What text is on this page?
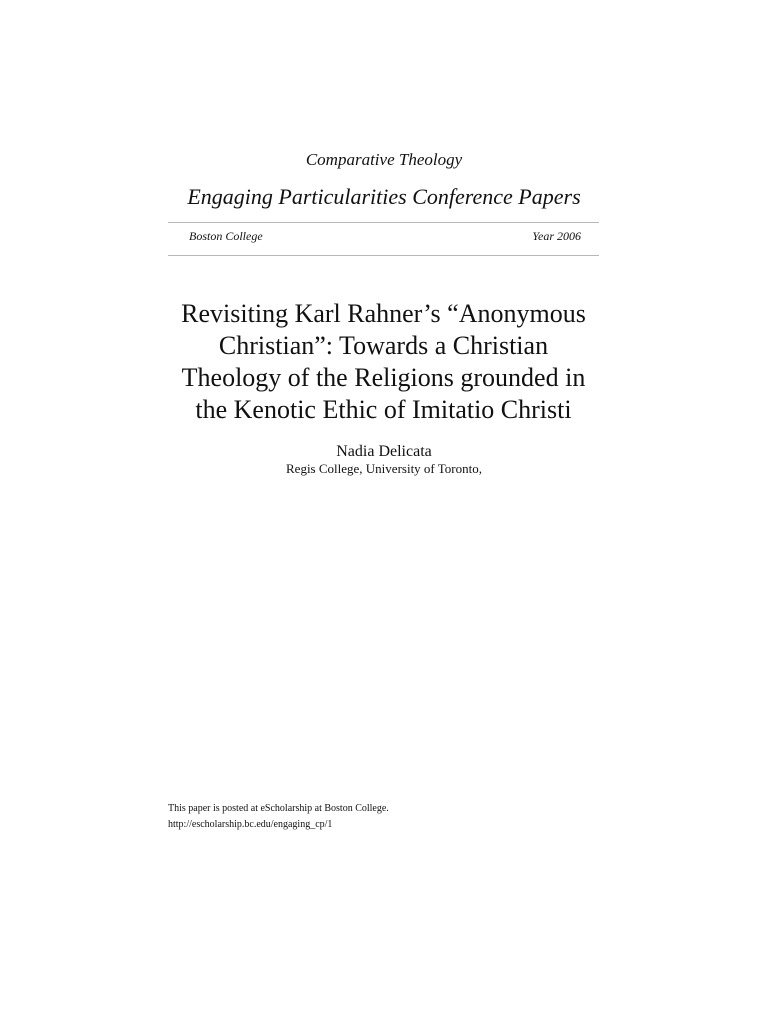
Comparative Theology
Engaging Particularities Conference Papers
Boston College	Year 2006
Revisiting Karl Rahner’s “Anonymous Christian”: Towards a Christian Theology of the Religions grounded in the Kenotic Ethic of Imitatio Christi
Nadia Delicata
Regis College, University of Toronto,
This paper is posted at eScholarship at Boston College.
http://escholarship.bc.edu/engaging_cp/1
